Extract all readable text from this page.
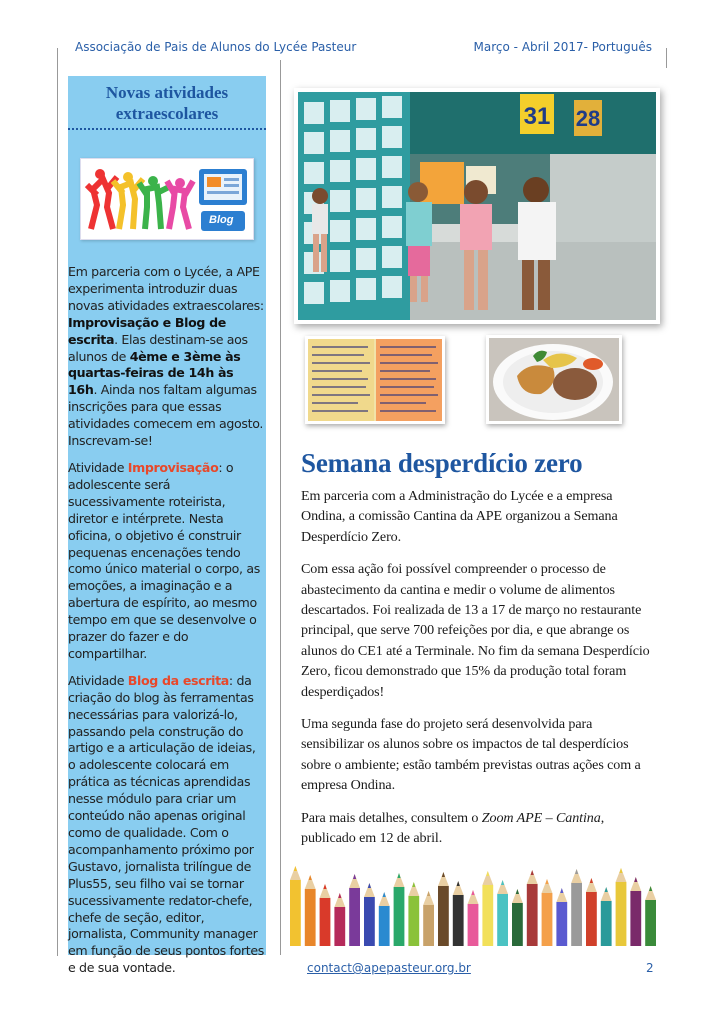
Associação de Pais de Alunos do Lycée Pasteur	Março - Abril 2017- Português
Novas atividades
extraescolares
Blog

Em parceria com o Lycée, a APE experimenta introduzir duas novas atividades extraescolares: Improvisação e Blog de escrita. Elas destinam-se aos alunos de 4ème e 3ème às quartas-feiras de 14h às 16h. Ainda nos faltam algumas inscrições para que essas atividades comecem em agosto. Inscrevam-se!

Atividade Improvisação: o adolescente será sucessivamente roteirista, diretor e intérprete. Nesta oficina, o objetivo é construir pequenas encenações tendo como único material o corpo, as emoções, a imaginação e a abertura de espírito, ao mesmo tempo em que se desenvolve o prazer do fazer e do compartilhar.

Atividade Blog da escrita: da criação do blog às ferramentas necessárias para valorizá-lo, passando pela construção do artigo e a articulação de ideias, o adolescente colocará em prática as técnicas aprendidas nesse módulo para criar um conteúdo não apenas original como de qualidade. Com o acompanhamento próximo por Gustavo, jornalista trilíngue de Plus55, seu filho vai se tornar sucessivamente redator-chefe, chefe de seção, editor, jornalista, Community manager em função de seus pontos fortes e de sua vontade.

31 28
Semana desperdício zero

Em parceria com a Administração do Lycée e a empresa Ondina, a comissão Cantina da APE organizou a Semana Desperdício Zero.

Com essa ação foi possível compreender o processo de abastecimento da cantina e medir o volume de alimentos descartados. Foi realizada de 13 a 17 de março no restaurante principal, que serve 700 refeições por dia, e que abrange os alunos do CE1 até a Terminale. No fim da semana Desperdício Zero, ficou demonstrado que 15% da produção total foram desperdiçados!

Uma segunda fase do projeto será desenvolvida para sensibilizar os alunos sobre os impactos de tal desperdícios sobre o ambiente; estão também previstas outras ações com a empresa Ondina.

Para mais detalhes, consultem o Zoom APE – Cantina, publicado em 12 de abril.

contact@apepasteur.org.br	2
